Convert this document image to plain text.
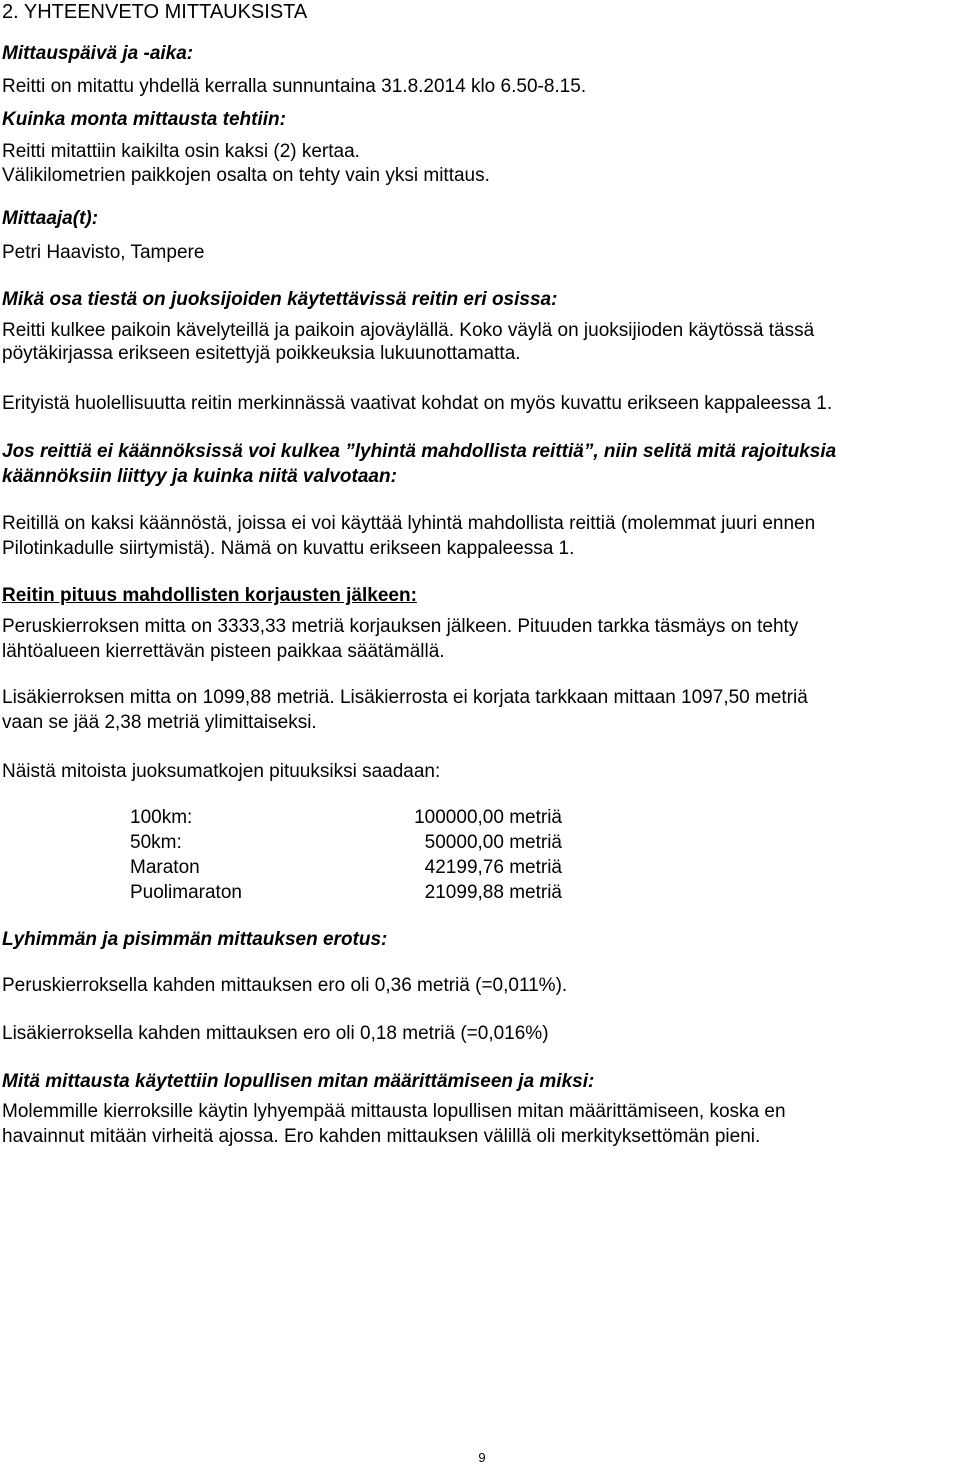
2. YHTEENVETO MITTAUKSISTA
Mittauspäivä ja -aika:
Reitti on mitattu yhdellä kerralla sunnuntaina 31.8.2014 klo 6.50-8.15.
Kuinka monta mittausta tehtiin:
Reitti mitattiin kaikilta osin kaksi (2) kertaa.
Välikilometrien paikkojen osalta on tehty vain yksi mittaus.
Mittaaja(t):
Petri Haavisto, Tampere
Mikä osa tiestä on juoksijoiden käytettävissä reitin eri osissa:
Reitti kulkee paikoin kävelyteillä ja paikoin ajoväylällä. Koko väylä on juoksijioden käytössä tässä
pöytäkirjassa erikseen esitettyjä poikkeuksia lukuunottamatta.
Erityistä huolellisuutta reitin merkinnässä vaativat kohdat on myös kuvattu erikseen kappaleessa 1.
Jos reittiä ei käännöksissä voi kulkea ”lyhintä mahdollista reittiä”, niin selitä mitä rajoituksia
käännöksiin liittyy ja kuinka niitä valvotaan:
Reitillä on kaksi käännöstä, joissa ei voi käyttää lyhintä mahdollista reittiä (molemmat juuri ennen
Pilotinkadulle siirtymistä). Nämä on kuvattu erikseen kappaleessa 1.
Reitin pituus mahdollisten korjausten jälkeen:
Peruskierroksen mitta on 3333,33 metriä korjauksen jälkeen. Pituuden tarkka täsmäys on tehty
lähtöalueen kierrettävän pisteen paikkaa säätämällä.
Lisäkierroksen mitta on 1099,88 metriä. Lisäkierrosta ei korjata tarkkaan mittaan 1097,50 metriä
vaan se jää 2,38 metriä ylimittaiseksi.
Näistä mitoista juoksumatkojen pituuksiksi saadaan:
100km:	100000,00 metriä
50km:	50000,00 metriä
Maraton	42199,76 metriä
Puolimaraton	21099,88 metriä
Lyhimmän ja pisimmän mittauksen erotus:
Peruskierroksella kahden mittauksen ero oli 0,36 metriä (=0,011%).
Lisäkierroksella kahden mittauksen ero oli 0,18 metriä (=0,016%)
Mitä mittausta käytettiin lopullisen mitan määrittämiseen ja miksi:
Molemmille kierroksille käytin lyhyempää mittausta lopullisen mitan määrittämiseen, koska en
havainnut mitään virheitä ajossa. Ero kahden mittauksen välillä oli merkityksettömän pieni.
9
